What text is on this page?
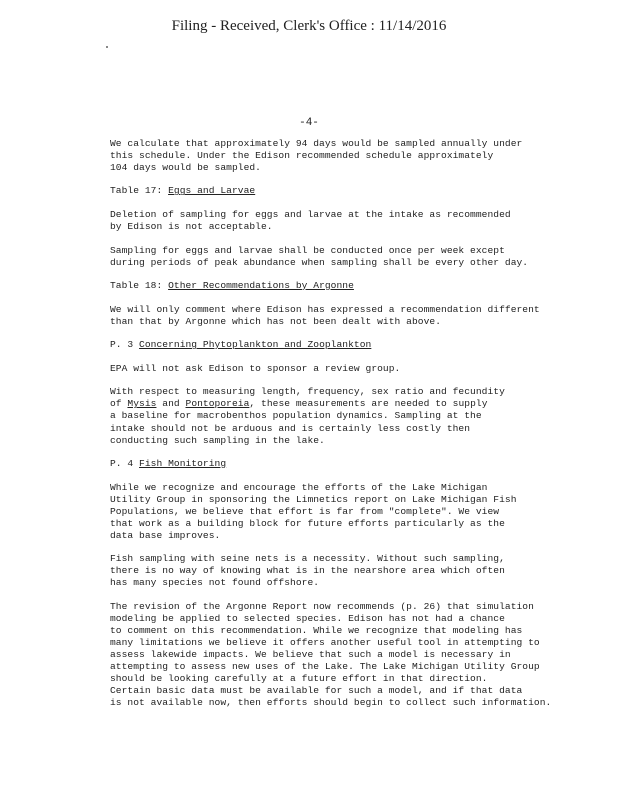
Filing - Received, Clerk's Office : 11/14/2016
-4-

We calculate that approximately 94 days would be sampled annually under
this schedule. Under the Edison recommended schedule approximately
104 days would be sampled.

Table 17: Eggs and Larvae

Deletion of sampling for eggs and larvae at the intake as recommended
by Edison is not acceptable.

Sampling for eggs and larvae shall be conducted once per week except
during periods of peak abundance when sampling shall be every other day.

Table 18: Other Recommendations by Argonne

We will only comment where Edison has expressed a recommendation different
than that by Argonne which has not been dealt with above.

P. 3 Concerning Phytoplankton and Zooplankton

EPA will not ask Edison to sponsor a review group.

With respect to measuring length, frequency, sex ratio and fecundity
of Mysis and Pontoporeia, these measurements are needed to supply
a baseline for macrobenthos population dynamics. Sampling at the
intake should not be arduous and is certainly less costly then
conducting such sampling in the lake.

P. 4 Fish Monitoring

While we recognize and encourage the efforts of the Lake Michigan
Utility Group in sponsoring the Limnetics report on Lake Michigan Fish
Populations, we believe that effort is far from "complete". We view
that work as a building block for future efforts particularly as the
data base improves.

Fish sampling with seine nets is a necessity. Without such sampling,
there is no way of knowing what is in the nearshore area which often
has many species not found offshore.

The revision of the Argonne Report now recommends (p. 26) that simulation
modeling be applied to selected species. Edison has not had a chance
to comment on this recommendation. While we recognize that modeling has
many limitations we believe it offers another useful tool in attempting to
assess lakewide impacts. We believe that such a model is necessary in
attempting to assess new uses of the Lake. The Lake Michigan Utility Group
should be looking carefully at a future effort in that direction.
Certain basic data must be available for such a model, and if that data
is not available now, then efforts should begin to collect such information.
